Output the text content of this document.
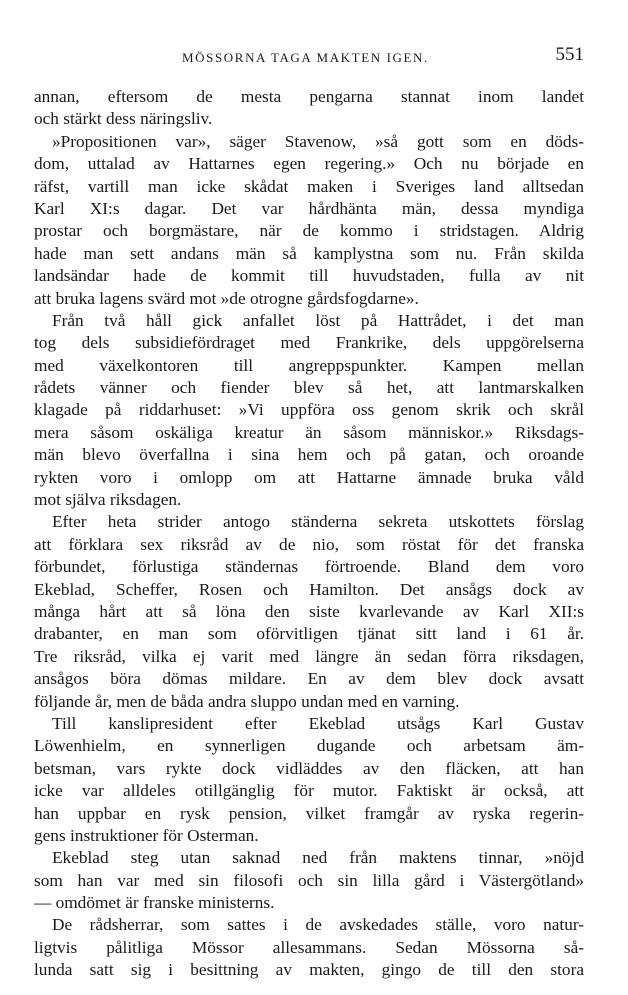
MÖSSORNA TAGA MAKTEN IGEN.	551
annan, eftersom de mesta pengarna stannat inom landet
och stärkt dess näringsliv.
»Propositionen var», säger Stavenow, »så gott som en döds-
dom, uttalad av Hattarnes egen regering.» Och nu började en
räfst, vartill man icke skådat maken i Sveriges land alltsedan
Karl XI:s dagar. Det var hårdhänta män, dessa myndiga
prostar och borgmästare, när de kommo i stridstagen. Aldrig
hade man sett andans män så kamplystna som nu. Från skilda
landsändar hade de kommit till huvudstaden, fulla av nit
att bruka lagens svärd mot »de otrogne gårdsfogdarne».
Från två håll gick anfallet löst på Hattrådet, i det man
tog dels subsidiefördraget med Frankrike, dels uppgörelserna
med växelkontoren till angreppspunkter. Kampen mellan
rådets vänner och fiender blev så het, att lantmarskalken
klagade på riddarhuset: »Vi uppföra oss genom skrik och skrål
mera såsom oskäliga kreatur än såsom människor.» Riksdags-
män blevo överfallna i sina hem och på gatan, och oroande
rykten voro i omlopp om att Hattarne ämnade bruka våld
mot själva riksdagen.
Efter heta strider antogo ständerna sekreta utskottets förslag
att förklara sex riksråd av de nio, som röstat för det franska
förbundet, förlustiga ständernas förtroende. Bland dem voro
Ekeblad, Scheffer, Rosen och Hamilton. Det ansågs dock av
många hårt att så löna den siste kvarlevande av Karl XII:s
drabanter, en man som oförvitligen tjänat sitt land i 61 år.
Tre riksråd, vilka ej varit med längre än sedan förra riksdagen,
ansågos böra dömas mildare. En av dem blev dock avsatt
följande år, men de båda andra sluppo undan med en varning.
Till kanslipresident efter Ekeblad utsågs Karl Gustav
Löwenhielm, en synnerligen dugande och arbetsam äm-
betsman, vars rykte dock vidläddes av den fläcken, att han
icke var alldeles otillgänglig för mutor. Faktiskt är också, att
han uppbar en rysk pension, vilket framgår av ryska regerin-
gens instruktioner för Osterman.
Ekeblad steg utan saknad ned från maktens tinnar, »nöjd
som han var med sin filosofi och sin lilla gård i Västergötland»
— omdömet är franske ministerns.
De rådsherrar, som sattes i de avskedades ställe, voro natur-
ligtvis pålitliga Mössor allesammans. Sedan Mössorna så-
lunda satt sig i besittning av makten, gingo de till den stora
